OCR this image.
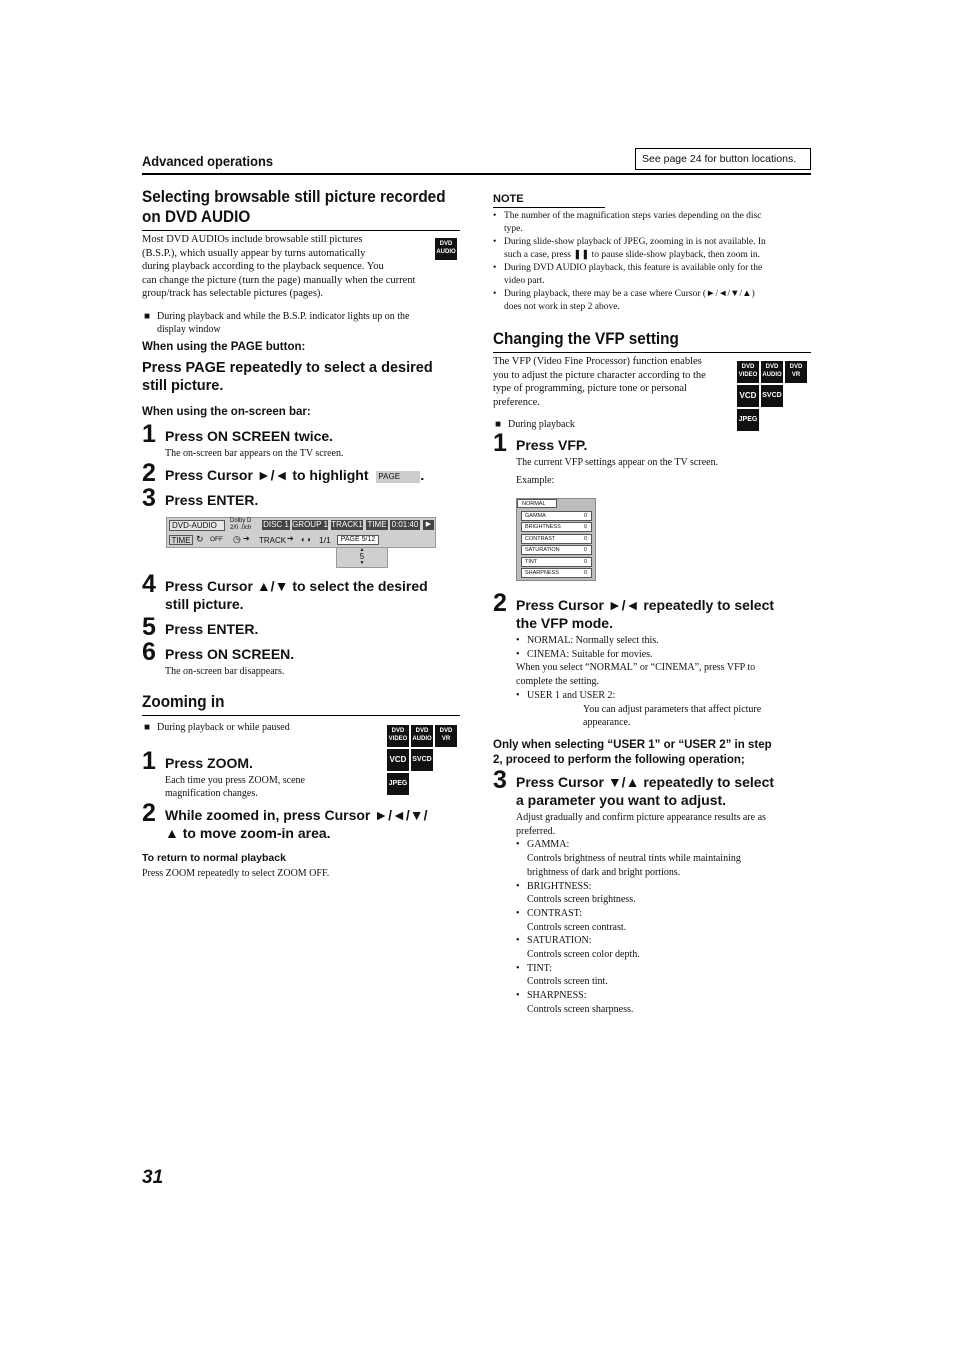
Advanced operations	See page 24 for button locations.
Selecting browsable still picture recorded
on DVD AUDIO
Most DVD AUDIOs include browsable still pictures
(B.S.P.), which usually appear by turns automatically
during playback according to the playback sequence. You
can change the picture (turn the page) manually when the current
group/track has selectable pictures (pages).
DVD
AUDIO
■ During playback and while the B.S.P. indicator lights up on the
display window
When using the PAGE button:
Press PAGE repeatedly to select a desired
still picture.
When using the on-screen bar:
1 Press ON SCREEN twice.
The on-screen bar appears on the TV screen.
2 Press Cursor ►/◄ to highlight PAGE .
3 Press ENTER.
DVD-AUDIO	Dolby D
2/0 .0ch DISC 1 GROUP 1 TRACK1 TIME 0:01:40	▶
TIME ↻ OFF ◷ ➔ TRACK ➔ ◐◑ 1/1	PAGE 5/12
▲
5
▼
4 Press Cursor ▲/▼ to select the desired
still picture.
5 Press ENTER.
6 Press ON SCREEN.
The on-screen bar disappears.
Zooming in
■ During playback or while paused	DVD
VIDEO
DVD
AUDIO
DVD
VR
VCD SVCD
JPEG
1 Press ZOOM.
Each time you press ZOOM, scene
magnification changes.
2 While zoomed in, press Cursor ►/◄/▼/
▲ to move zoom-in area.
To return to normal playback
Press ZOOM repeatedly to select ZOOM OFF.
NOTE
• The number of the magnification steps varies depending on the disc
type.
• During slide-show playback of JPEG, zooming in is not available. In
such a case, press ❚❚ to pause slide-show playback, then zoom in.
• During DVD AUDIO playback, this feature is available only for the
video part.
• During playback, there may be a case where Cursor (►/◄/▼/▲)
does not work in step 2 above.
Changing the VFP setting
The VFP (Video Fine Processor) function enables
you to adjust the picture character according to the
type of programming, picture tone or personal
preference.
DVD
VIDEO
DVD
AUDIO
DVD
VR
VCD SVCD
JPEG
■ During playback
1 Press VFP.
The current VFP settings appear on the TV screen.
Example:
NORMAL
GAMMA	0
BRIGHTNESS	0
CONTRAST	0
SATURATION	0
TINT	0
SHARPNESS	0
2 Press Cursor ►/◄ repeatedly to select
the VFP mode.
• NORMAL: Normally select this.
• CINEMA: Suitable for movies.
When you select “NORMAL” or “CINEMA”, press VFP to
complete the setting.
• USER 1 and USER 2:
You can adjust parameters that affect picture
appearance.
Only when selecting “USER 1” or “USER 2” in step
2, proceed to perform the following operation;
3 Press Cursor ▼/▲ repeatedly to select
a parameter you want to adjust.
Adjust gradually and confirm picture appearance results are as
preferred.
• GAMMA:
Controls brightness of neutral tints while maintaining
brightness of dark and bright portions.
• BRIGHTNESS:
Controls screen brightness.
• CONTRAST:
Controls screen contrast.
• SATURATION:
Controls screen color depth.
• TINT:
Controls screen tint.
• SHARPNESS:
Controls screen sharpness.
31
